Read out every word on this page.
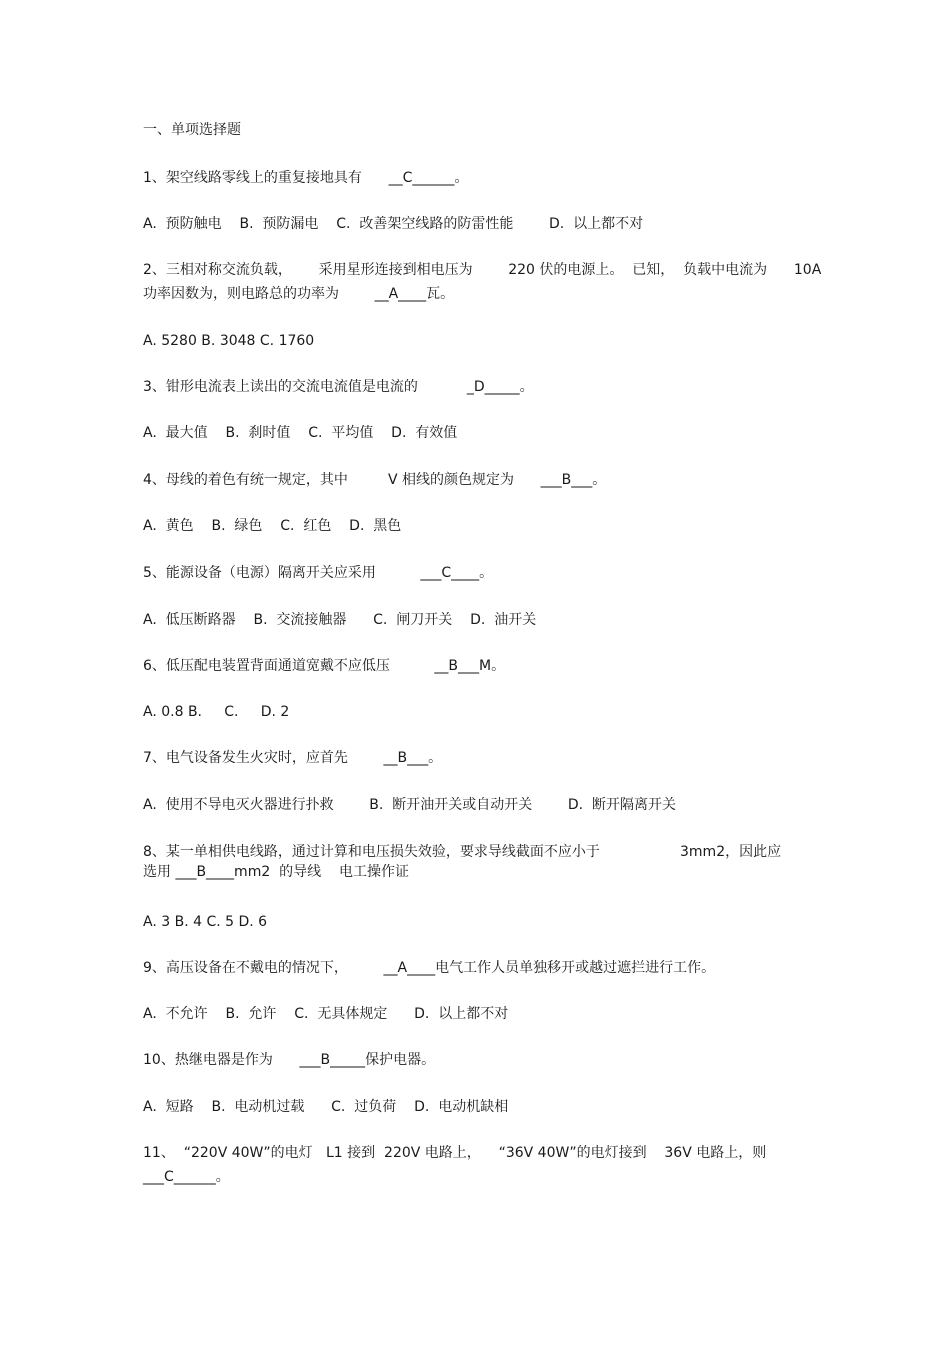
一、单项选择题
1、架空线路零线上的重复接地具有      __C______。
A.  预防触电    B.  预防漏电    C.  改善架空线路的防雷性能        D.  以上都不对
2、三相对称交流负载，      采用星形连接到相电压为        220 伏的电源上。  已知，  负载中电流为      10A
功率因数为，则电路总的功率为        __A____瓦。
A. 5280 B. 3048 C. 1760
3、钳形电流表上读出的交流电流值是电流的           _D_____。
A.  最大值    B.  刹时值    C.  平均值    D.  有效值
4、母线的着色有统一规定，其中         V 相线的颜色规定为      ___B___。
A.  黄色    B.  绿色    C.  红色    D.  黑色
5、能源设备（电源）隔离开关应采用          ___C____。
A.  低压断路器    B.  交流接触器      C.  闸刀开关    D.  油开关
6、低压配电装置背面通道宽戴不应低压          __B___M。
A. 0.8 B.     C.     D. 2
7、电气设备发生火灾时，应首先        __B___。
A.  使用不导电灭火器进行扑救        B.  断开油开关或自动开关        D.  断开隔离开关
8、某一单相供电线路，通过计算和电压损失效验，要求导线截面不应小于                  3mm2，因此应
选用 ___B____mm2  的导线    电工操作证
A. 3 B. 4 C. 5 D. 6
9、高压设备在不戴电的情况下，        __A____电气工作人员单独移开或越过遮拦进行工作。
A.  不允许    B.  允许    C.  无具体规定      D.  以上都不对
10、热继电器是作为      ___B_____保护电器。
A.  短路    B.  电动机过载      C.  过负荷    D.  电动机缺相
11、  “220V 40W”的电灯   L1 接到  220V 电路上，    “36V 40W”的电灯接到    36V 电路上，则
___C______。
